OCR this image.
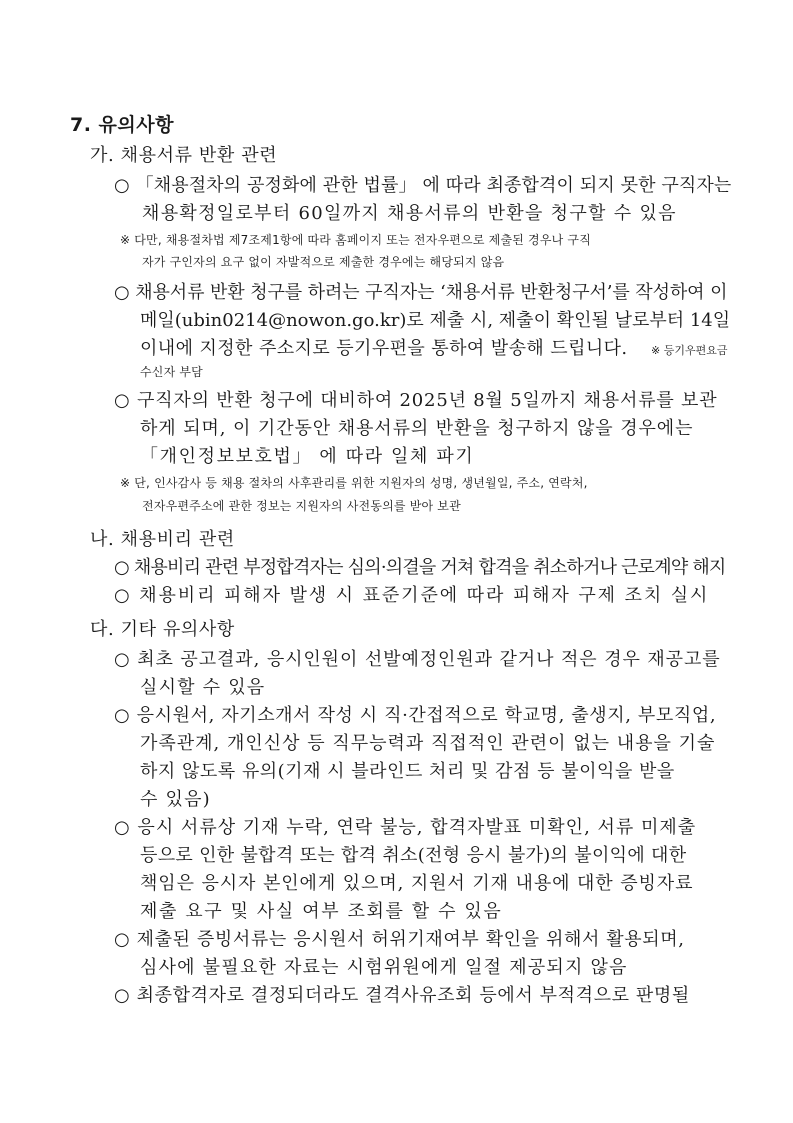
7. 유의사항
가. 채용서류 반환 관련
○ 「채용절차의 공정화에 관한 법률」 에 따라 최종합격이 되지 못한 구직자는
채용확정일로부터 60일까지 채용서류의 반환을 청구할 수 있음
※ 다만, 채용절차법 제7조제1항에 따라 홈페이지 또는 전자우편으로 제출된 경우나 구직
자가 구인자의 요구 없이 자발적으로 제출한 경우에는 해당되지 않음
○ 채용서류 반환 청구를 하려는 구직자는 ‘채용서류 반환청구서’를 작성하여 이
메일(ubin0214@nowon.go.kr)로 제출 시, 제출이 확인될 날로부터 14일
이내에 지정한 주소지로 등기우편을 통하여 발송해 드립니다. ※ 등기우편요금
수신자 부담
○ 구직자의 반환 청구에 대비하여 2025년 8월 5일까지 채용서류를 보관
하게 되며, 이 기간동안 채용서류의 반환을 청구하지 않을 경우에는
「개인정보보호법」 에 따라 일체 파기
※ 단, 인사감사 등 채용 절차의 사후관리를 위한 지원자의 성명, 생년월일, 주소, 연락처,
전자우편주소에 관한 정보는 지원자의 사전동의를 받아 보관
나. 채용비리 관련
○ 채용비리 관련 부정합격자는 심의·의결을 거쳐 합격을 취소하거나 근로계약 해지
○ 채용비리 피해자 발생 시 표준기준에 따라 피해자 구제 조치 실시
다. 기타 유의사항
○ 최초 공고결과, 응시인원이 선발예정인원과 같거나 적은 경우 재공고를
실시할 수 있음
○ 응시원서, 자기소개서 작성 시 직·간접적으로 학교명, 출생지, 부모직업,
가족관계, 개인신상 등 직무능력과 직접적인 관련이 없는 내용을 기술
하지 않도록 유의(기재 시 블라인드 처리 및 감점 등 불이익을 받을
수 있음)
○ 응시 서류상 기재 누락, 연락 불능, 합격자발표 미확인, 서류 미제출
등으로 인한 불합격 또는 합격 취소(전형 응시 불가)의 불이익에 대한
책임은 응시자 본인에게 있으며, 지원서 기재 내용에 대한 증빙자료
제출 요구 및 사실 여부 조회를 할 수 있음
○ 제출된 증빙서류는 응시원서 허위기재여부 확인을 위해서 활용되며,
심사에 불필요한 자료는 시험위원에게 일절 제공되지 않음
○ 최종합격자로 결정되더라도 결격사유조회 등에서 부적격으로 판명될
